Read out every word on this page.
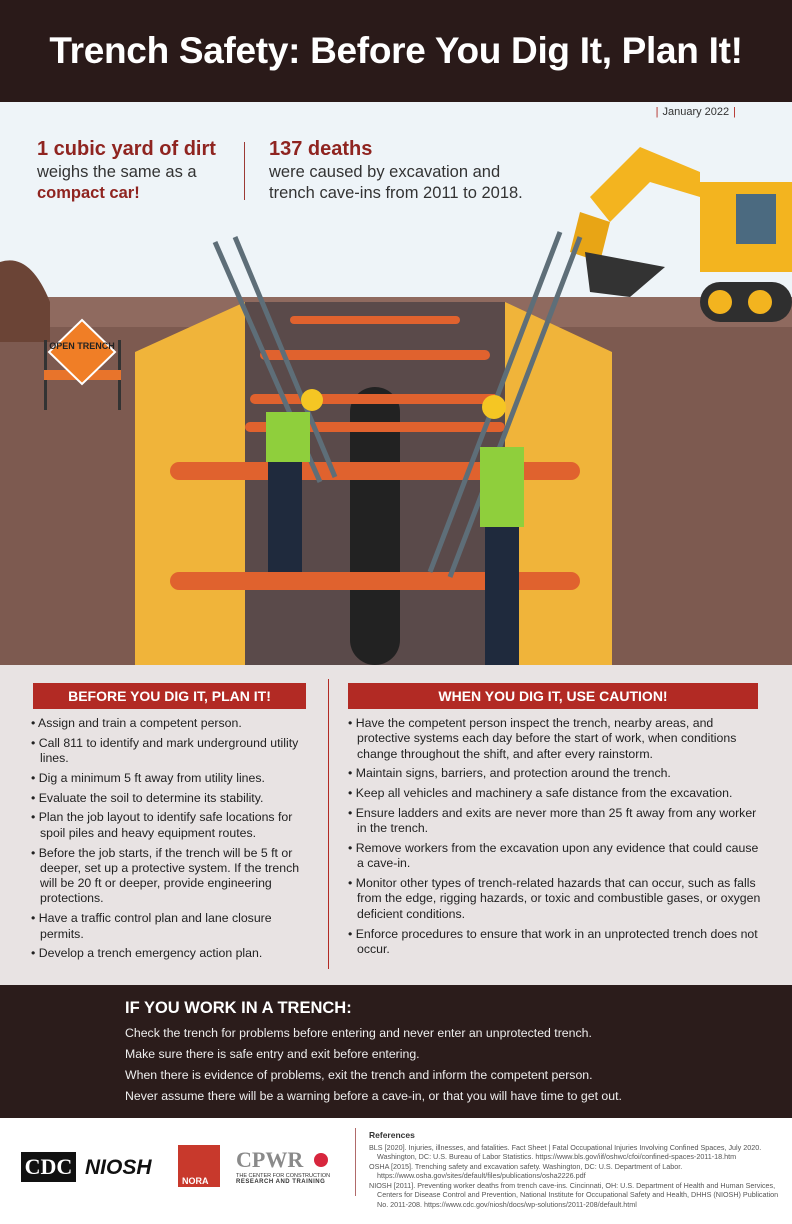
Trench Safety: Before You Dig It, Plan It!
OPEN TRENCH
| January 2022 |
1 cubic yard of dirt
weighs the same as a
compact car!
137 deaths
were caused by excavation and
trench cave-ins from 2011 to 2018.
BEFORE YOU DIG IT, PLAN IT!	WHEN YOU DIG IT, USE CAUTION!
• Assign and train a competent person.
• Call 811 to identify and mark underground utility lines.
• Dig a minimum 5 ft away from utility lines.
• Evaluate the soil to determine its stability.
• Plan the job layout to identify safe locations for spoil piles and heavy equipment routes.
• Before the job starts, if the trench will be 5 ft or deeper, set up a protective system. If the trench will be 20 ft or deeper, provide engineering protections.
• Have a traffic control plan and lane closure permits.
• Develop a trench emergency action plan.
• Have the competent person inspect the trench, nearby areas, and protective systems each day before the start of work, when conditions change throughout the shift, and after every rainstorm.
• Maintain signs, barriers, and protection around the trench.
• Keep all vehicles and machinery a safe distance from the excavation.
• Ensure ladders and exits are never more than 25 ft away from any worker in the trench.
• Remove workers from the excavation upon any evidence that could cause a cave-in.
• Monitor other types of trench-related hazards that can occur, such as falls from the edge, rigging hazards, or toxic and combustible gases, or oxygen deficient conditions.
• Enforce procedures to ensure that work in an unprotected trench does not occur.
IF YOU WORK IN A TRENCH:

Check the trench for problems before entering and never enter an unprotected trench.

Make sure there is safe entry and exit before entering.

When there is evidence of problems, exit the trench and inform the competent person.

Never assume there will be a warning before a cave-in, or that you will have time to get out.

CDC NIOSH
NORA
CPWR
THE CENTER FOR CONSTRUCTION
RESEARCH AND TRAINING
References
BLS [2020]. Injuries, illnesses, and fatalities. Fact Sheet | Fatal Occupational Injuries Involving Confined Spaces, July 2020. Washington, DC: U.S. Bureau of Labor Statistics. https://www.bls.gov/iif/oshwc/cfoi/confined-spaces-2011-18.htm
OSHA [2015]. Trenching safety and excavation safety. Washington, DC: U.S. Department of Labor. https://www.osha.gov/sites/default/files/publications/osha2226.pdf
NIOSH [2011]. Preventing worker deaths from trench cave-ins. Cincinnati, OH: U.S. Department of Health and Human Services, Centers for Disease Control and Prevention, National Institute for Occupational Safety and Health, DHHS (NIOSH) Publication No. 2011-208. https://www.cdc.gov/niosh/docs/wp-solutions/2011-208/default.html
